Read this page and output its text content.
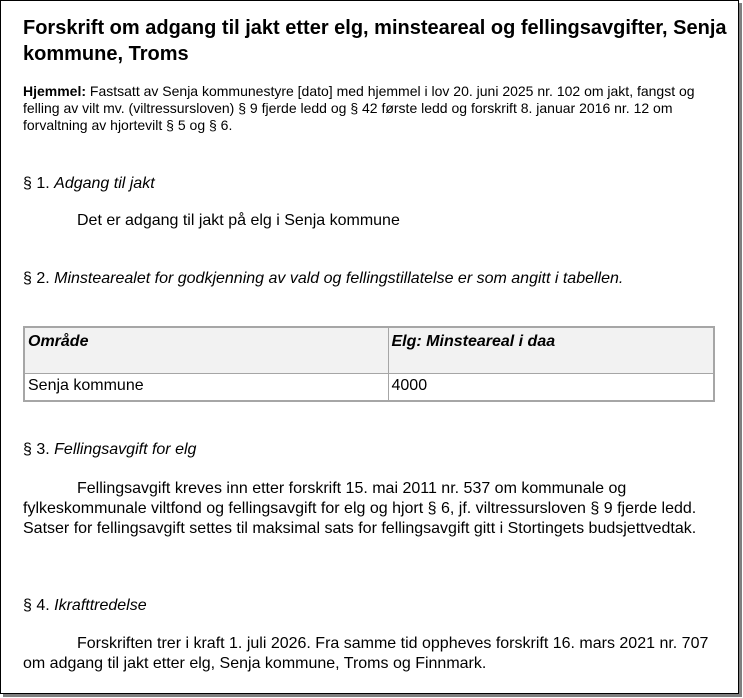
Forskrift om adgang til jakt etter elg, minsteareal og fellingsavgifter, Senja kommune, Troms
Hjemmel: Fastsatt av Senja kommunestyre [dato] med hjemmel i lov 20. juni 2025 nr. 102 om jakt, fangst og felling av vilt mv. (viltressursloven) § 9 fjerde ledd og § 42 første ledd og forskrift 8. januar 2016 nr. 12 om forvaltning av hjortevilt § 5 og § 6.
§ 1. Adgang til jakt
Det er adgang til jakt på elg i Senja kommune
§ 2. Minstearealet for godkjenning av vald og fellingstillatelse er som angitt i tabellen.
Område	Elg: Minsteareal i daa
Senja kommune	4000
§ 3. Fellingsavgift for elg
Fellingsavgift kreves inn etter forskrift 15. mai 2011 nr. 537 om kommunale og fylkeskommunale viltfond og fellingsavgift for elg og hjort § 6, jf. viltressursloven § 9 fjerde ledd. Satser for fellingsavgift settes til maksimal sats for fellingsavgift gitt i Stortingets budsjettvedtak.
§ 4. Ikrafttredelse
Forskriften trer i kraft 1. juli 2026. Fra samme tid oppheves forskrift 16. mars 2021 nr. 707 om adgang til jakt etter elg, Senja kommune, Troms og Finnmark.
